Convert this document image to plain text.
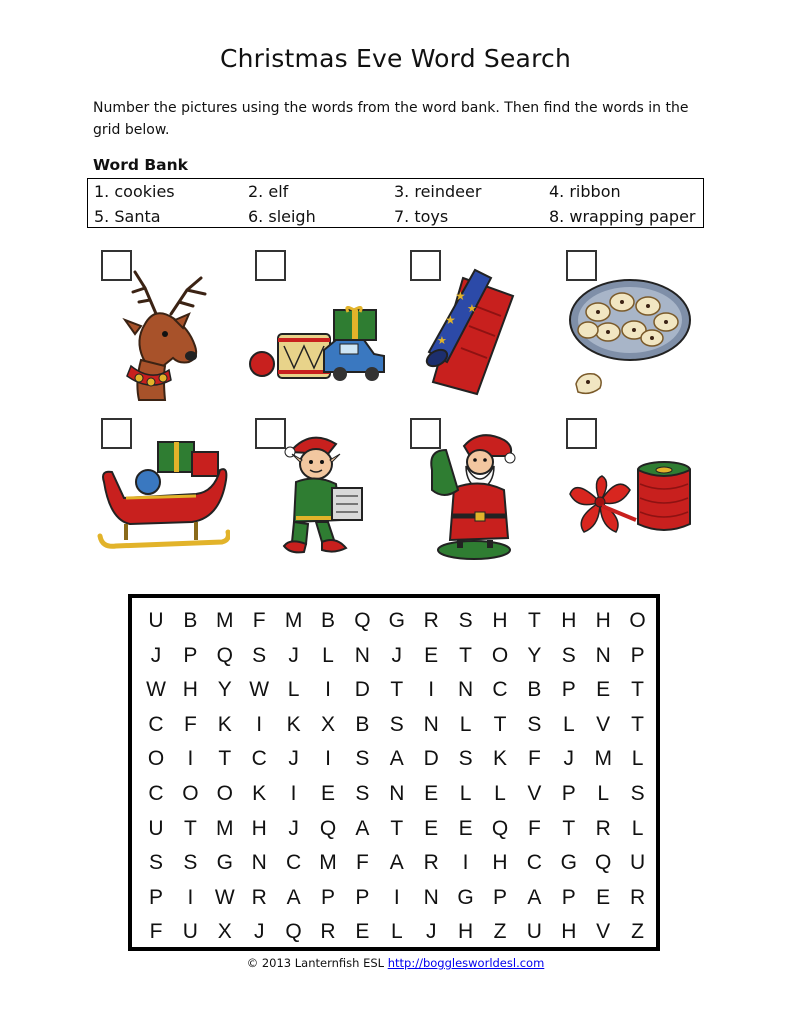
Christmas Eve Word Search
Number the pictures using the words from the word bank. Then find the words in the grid below.
Word Bank
1. cookies	2. elf	3. reindeer	4. ribbon
5. Santa	6. sleigh	7. toys	8. wrapping paper
★
★
★
★
U B M F M B Q G R S H T H H O
J	P Q S	J	L N	J	E T O Y S N P
W H Y W L	I	D T	I	N C B P E T
C F K	I	K X B S N L	T S	L	V T
O	I	T C	J	I	S A D S K F	J M L
C O O K	I	E S N E	L	L	V P	L	S
U T M H	J Q A T E E Q F	T R L
S S G N C M F A R	I	H C G Q U
P	I	W R A P P	I	N G P A P E R
F U X	J Q R E	L	J	H Z U H V Z
© 2013 Lanternfish ESL http://bogglesworldesl.com
